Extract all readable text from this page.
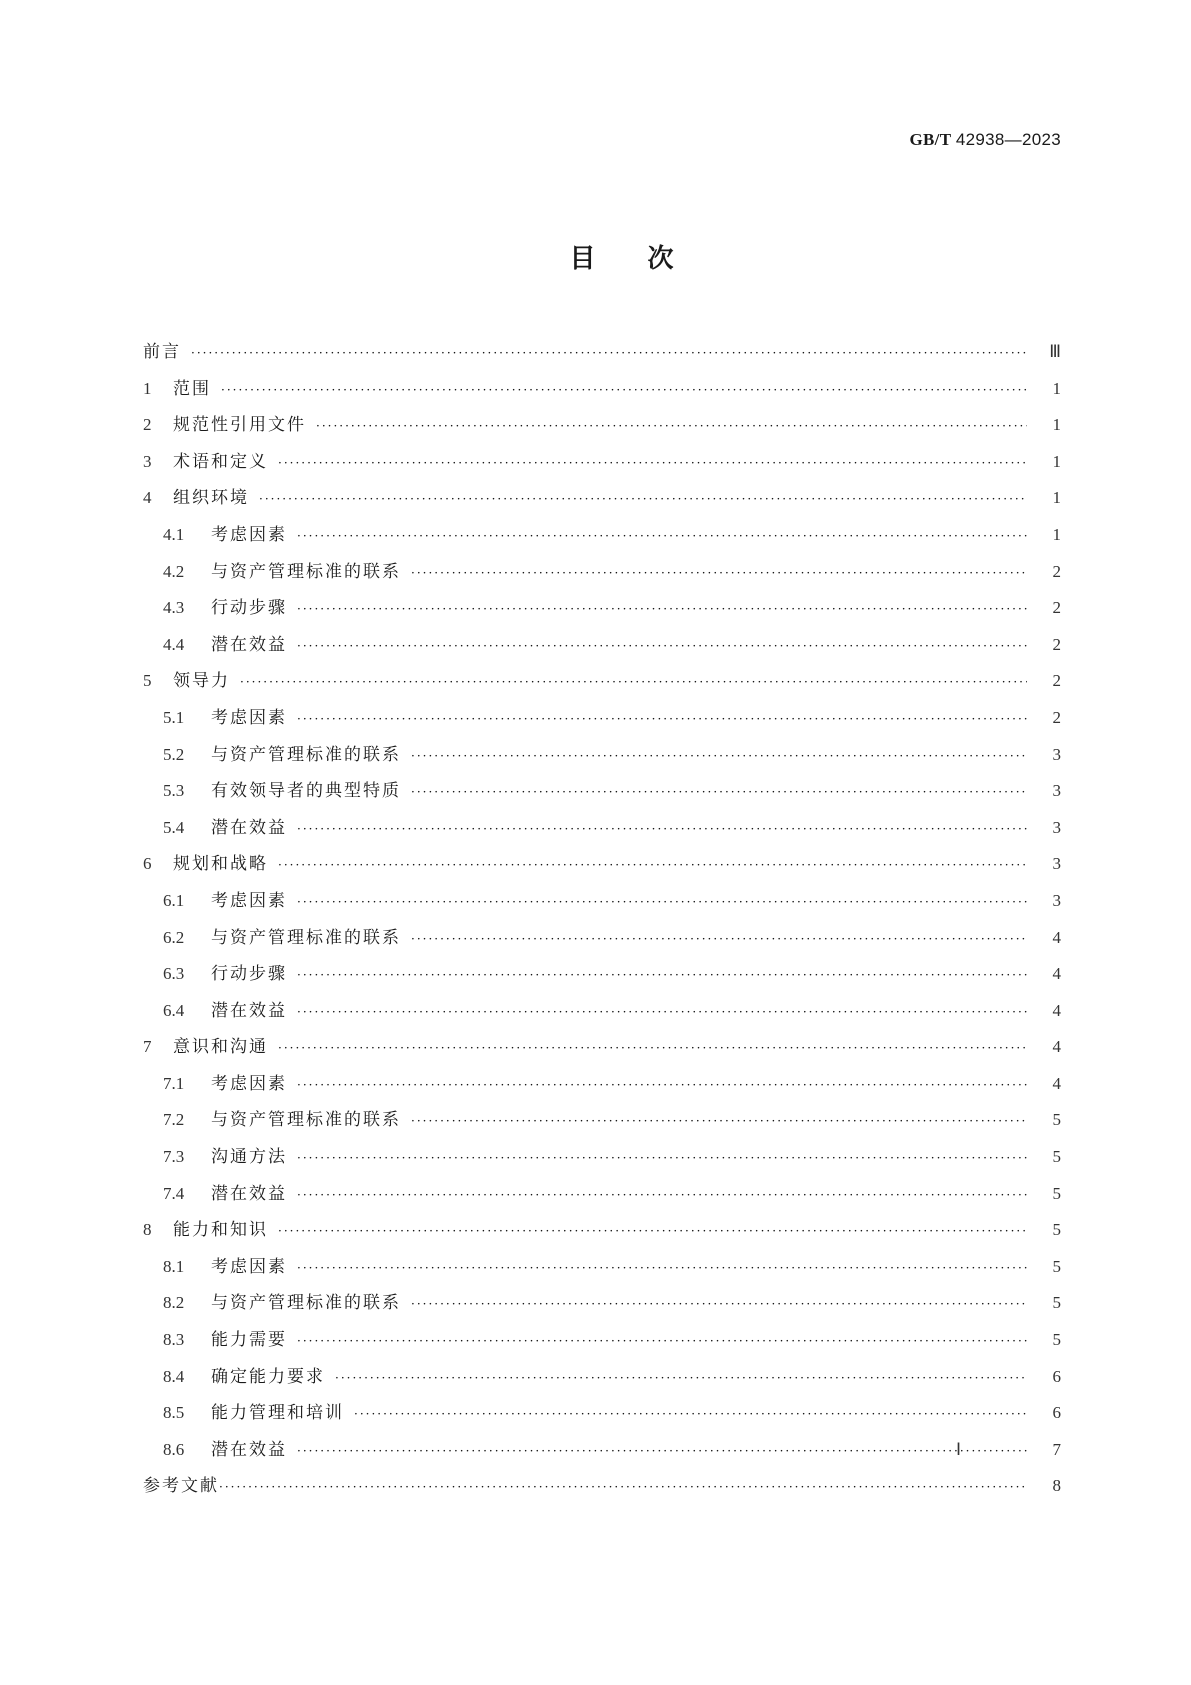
GB/T 42938—2023
目次
前言 ·····	Ⅲ
1	范围 ·····	1
2	规范性引用文件 ·····	1
3	术语和定义 ·····	1
4	组织环境 ·····	1
4.1	考虑因素 ·····	1
4.2	与资产管理标准的联系 ·····	2
4.3	行动步骤 ·····	2
4.4	潜在效益 ·····	2
5	领导力 ·····	2
5.1	考虑因素 ·····	2
5.2	与资产管理标准的联系 ·····	3
5.3	有效领导者的典型特质 ·····	3
5.4	潜在效益 ·····	3
6	规划和战略 ·····	3
6.1	考虑因素 ·····	3
6.2	与资产管理标准的联系 ·····	4
6.3	行动步骤 ·····	4
6.4	潜在效益 ·····	4
7	意识和沟通 ·····	4
7.1	考虑因素 ·····	4
7.2	与资产管理标准的联系 ·····	5
7.3	沟通方法 ·····	5
7.4	潜在效益 ·····	5
8	能力和知识 ·····	5
8.1	考虑因素 ·····	5
8.2	与资产管理标准的联系 ·····	5
8.3	能力需要 ·····	5
8.4	确定能力要求 ·····	6
8.5	能力管理和培训 ·····	6
8.6	潜在效益 ·····	7
参考文献 ·····	8
Ⅰ
